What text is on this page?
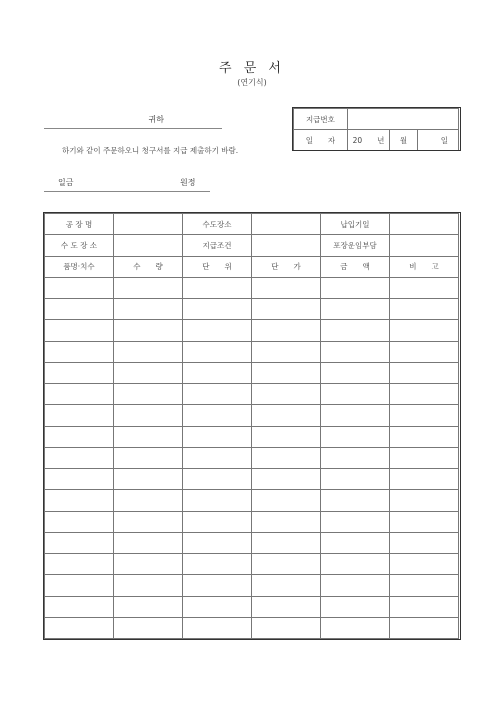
주 문 서
(연기식)
귀하
하기와 같이 주문하오니 청구서를 지급 제출하기 바람.
일금	원정
지급번호			
일　　자	20　　년	월	일
공 장 명		수도장소		납입기일	
수 도 장 소		지급조건		포장운임부담	
품명·치수	수　　량	단　　위	단　　가	금　　액	비　　고
